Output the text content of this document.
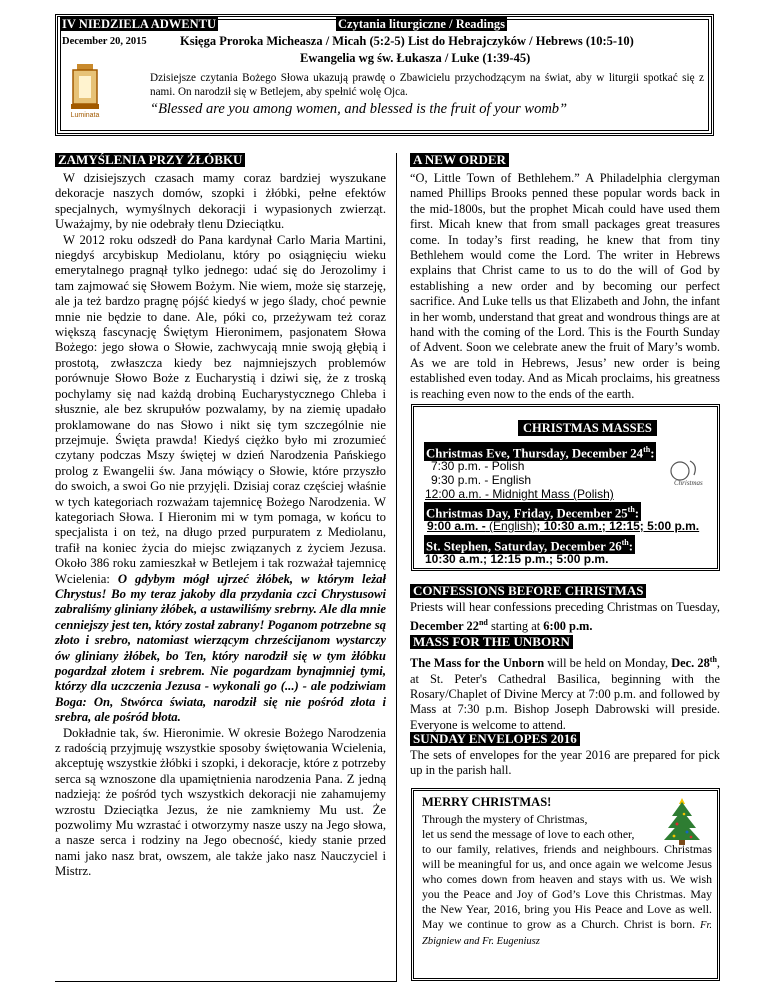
IV NIEDZIELA ADWENTU	Czytania liturgiczne / Readings
December 20, 2015	Księga Proroka Micheasza / Micah (5:2-5) List do Hebrajczyków / Hebrews (10:5-10)
Ewangelia wg św. Łukasza / Luke (1:39-45)
Luminata
Dzisiejsze czytania Bożego Słowa ukazują prawdę o Zbawicielu przychodzącym na świat, aby w liturgii spotkać się z nami. On narodził się w Betlejem, aby spełnić wolę Ojca.
“Blessed are you among women, and blessed is the fruit of your womb”
ZAMYŚLENIA PRZY ŻŁÓBKU

W dzisiejszych czasach mamy coraz bardziej wyszukane dekoracje naszych domów, szopki i żłóbki, pełne efektów specjalnych, wymyślnych dekoracji i wypasionych zwierząt. Uważajmy, by nie odebrały tlenu Dzieciątku.

W 2012 roku odszedł do Pana kardynał Carlo Maria Martini, niegdyś arcybiskup Mediolanu, który po osiągnięciu wieku emerytalnego pragnął tylko jednego: udać się do Jerozolimy i tam zajmować się Słowem Bożym. Nie wiem, może się starzeję, ale ja też bardzo pragnę pójść kiedyś w jego ślady, choć pewnie mnie nie będzie to dane. Ale, póki co, przeżywam też coraz większą fascynację Świętym Hieronimem, pasjonatem Słowa Bożego: jego słowa o Słowie, zachwycają mnie swoją głębią i prostotą, zwłaszcza kiedy bez najmniejszych problemów porównuje Słowo Boże z Eucharystią i dziwi się, że z troską pochylamy się nad każdą drobiną Eucharystycznego Chleba i słusznie, ale bez skrupułów pozwalamy, by na ziemię upadało proklamowane do nas Słowo i nikt się tym szczególnie nie przejmuje. Święta prawda! Kiedyś ciężko było mi zrozumieć czytany podczas Mszy świętej w dzień Narodzenia Pańskiego prolog z Ewangelii św. Jana mówiący o Słowie, które przyszło do swoich, a swoi Go nie przyjęli. Dzisiaj coraz częściej właśnie w tych kategoriach rozważam tajemnicę Bożego Narodzenia. W kategoriach Słowa. I Hieronim mi w tym pomaga, w końcu to specjalista i on też, na długo przed purpuratem z Mediolanu, trafił na koniec życia do miejsc związanych z życiem Jezusa. Około 386 roku zamieszkał w Betlejem i tak rozważał tajemnicę Wcielenia: O gdybym mógł ujrzeć żłóbek, w którym leżał Chrystus! Bo my teraz jakoby dla przydania czci Chrystusowi zabraliśmy gliniany żłóbek, a ustawiliśmy srebrny. Ale dla mnie cenniejszy jest ten, który został zabrany! Poganom potrzebne są złoto i srebro, natomiast wierzącym chrześcijanom wystarczy ów gliniany żłóbek, bo Ten, który narodził się w tym żłóbku pogardzał złotem i srebrem. Nie pogardzam bynajmniej tymi, którzy dla uczczenia Jezusa - wykonali go (...) - ale podziwiam Boga: On, Stwórca świata, narodził się nie pośród złota i srebra, ale pośród błota.

Dokładnie tak, św. Hieronimie. W okresie Bożego Narodzenia z radością przyjmuję wszystkie sposoby świętowania Wcielenia, akceptuję wszystkie żłóbki i szopki, i dekoracje, które z potrzeby serca są wznoszone dla upamiętnienia narodzenia Pana. Z jedną nadzieją: że pośród tych wszystkich dekoracji nie zahamujemy wzrostu Dzieciątka Jezus, że nie zamkniemy Mu ust. Że pozwolimy Mu wzrastać i otworzymy nasze uszy na Jego słowa, a nasze serca i rodziny na Jego obecność, kiedy stanie przed nami jako nasz brat, owszem, ale także jako nasz Nauczyciel i Mistrz.

A NEW ORDER
“O, Little Town of Bethlehem.” A Philadelphia clergyman named Phillips Brooks penned these popular words back in the mid-1800s, but the prophet Micah could have used them first. Micah knew that from small packages great treasures come. In today’s first reading, he knew that from tiny Bethlehem would come the Lord. The writer in Hebrews explains that Christ came to us to do the will of God by establishing a new order and by becoming our perfect sacrifice. And Luke tells us that Elizabeth and John, the infant in her womb, understand that great and wondrous things are at hand with the coming of the Lord. This is the Fourth Sunday of Advent. Soon we celebrate anew the fruit of Mary’s womb. As we are told in Hebrews, Jesus’ new order is being established even today. And as Micah proclaims, his greatness is reaching even now to the ends of the earth.
CHRISTMAS MASSES
Christmas Eve, Thursday, December 24th:
7:30 p.m. - Polish
9:30 p.m. - English
12:00 a.m. - Midnight Mass (Polish)
Christmas
Christmas Day, Friday, December 25th:
9:00 a.m. - (English); 10:30 a.m.; 12:15; 5:00 p.m.
St. Stephen, Saturday, December 26th:
10:30 a.m.; 12:15 p.m.; 5:00 p.m.
CONFESSIONS BEFORE CHRISTMAS
Priests will hear confessions preceding Christmas on Tuesday, December 22nd starting at 6:00 p.m.
MASS FOR THE UNBORN
The Mass for the Unborn will be held on Monday, Dec. 28th, at St. Peter's Cathedral Basilica, beginning with the Rosary/Chaplet of Divine Mercy at 7:00 p.m. and followed by Mass at 7:30 p.m. Bishop Joseph Dabrowski will preside. Everyone is welcome to attend.
SUNDAY ENVELOPES 2016
The sets of envelopes for the year 2016 are prepared for pick up in the parish hall.
MERRY CHRISTMAS!
Through the mystery of Christmas,
let us send the message of love to each other,
to our family, relatives, friends and neighbours. Christmas will be meaningful for us, and once again we welcome Jesus who comes down from heaven and stays with us. We wish you the Peace and Joy of God’s Love this Christmas. May the New Year, 2016, bring you His Peace and Love as well. May we continue to grow as a Church. Christ is born. Fr. Zbigniew and Fr. Eugeniusz
